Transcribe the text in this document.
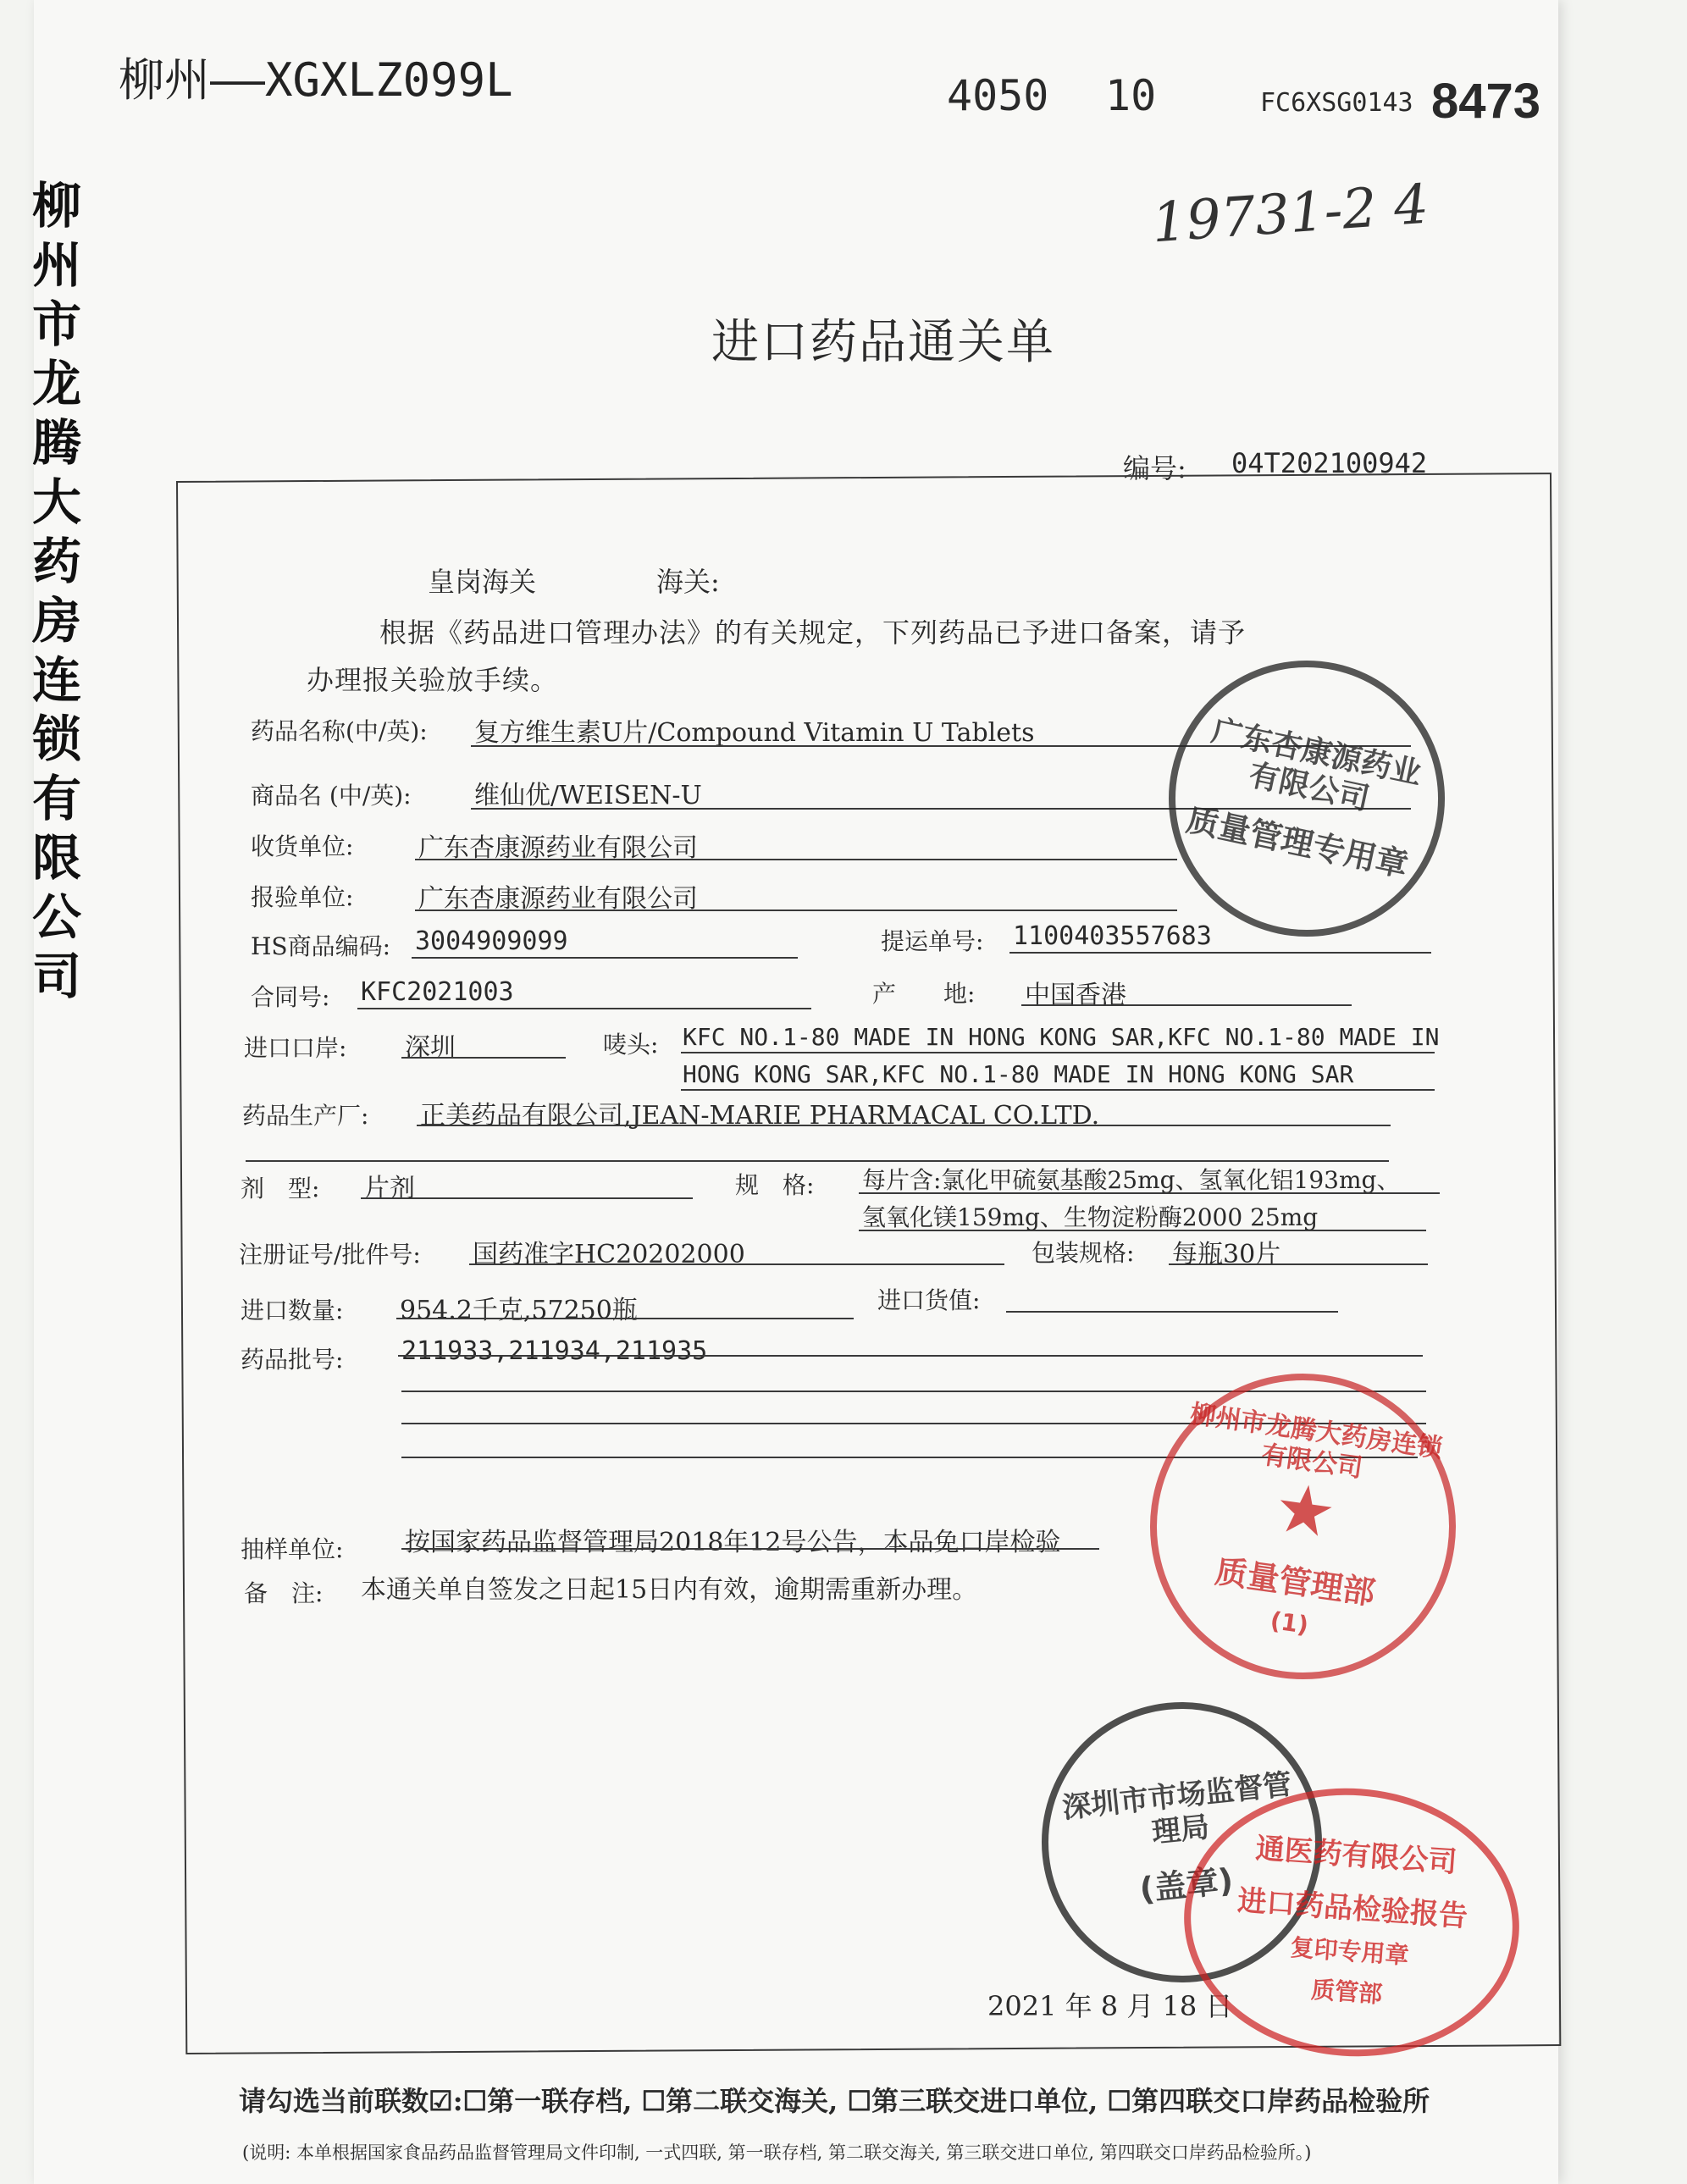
柳州——XGXLZ099L	4050 10	FC6XSG0143 8473
19731-2 4
柳州市龙腾大药房连锁有限公司
进口药品通关单
编号: 04T202100942
皇岗海关	海关:
根据《药品进口管理办法》的有关规定，下列药品已予进口备案，请予
办理报关验放手续。
药品名称(中/英): 复方维生素U片/Compound Vitamin U Tablets
商品名 (中/英): 维仙优/WEISEN-U
收货单位:	广东杏康源药业有限公司
报验单位:	广东杏康源药业有限公司
HS商品编码: 3004909099	提运单号: 1100403557683
合同号: KFC2021003	产　　地: 中国香港
进口口岸: 深圳	唛头: KFC NO.1-80 MADE IN HONG KONG SAR,KFC NO.1-80 MADE IN
HONG KONG SAR,KFC NO.1-80 MADE IN HONG KONG SAR
药品生产厂: 正美药品有限公司,JEAN-MARIE PHARMACAL CO.LTD.
剂　型: 片剂	规　格: 每片含:氯化甲硫氨基酸25mg、氢氧化铝193mg、
氢氧化镁159mg、生物淀粉酶2000 25mg
注册证号/批件号: 国药准字HC20202000	包装规格: 每瓶30片
进口数量: 954.2千克,57250瓶	进口货值:
药品批号: 211933,211934,211935
抽样单位: 按国家药品监督管理局2018年12号公告，本品免口岸检验
备　注: 本通关单自签发之日起15日内有效，逾期需重新办理。
2021 年 8 月 18 日
广东杏康源药业有限公司
质量管理专用章
柳州市龙腾大药房连锁有限公司
★
质量管理部
(1)
深圳市市场监督管理局
(盖章)
通医药有限公司
进口药品检验报告
复印专用章
质管部
请勾选当前联数☑:☐第一联存档, ☐第二联交海关, ☐第三联交进口单位, ☐第四联交口岸药品检验所
(说明: 本单根据国家食品药品监督管理局文件印制, 一式四联, 第一联存档, 第二联交海关, 第三联交进口单位, 第四联交口岸药品检验所。)
